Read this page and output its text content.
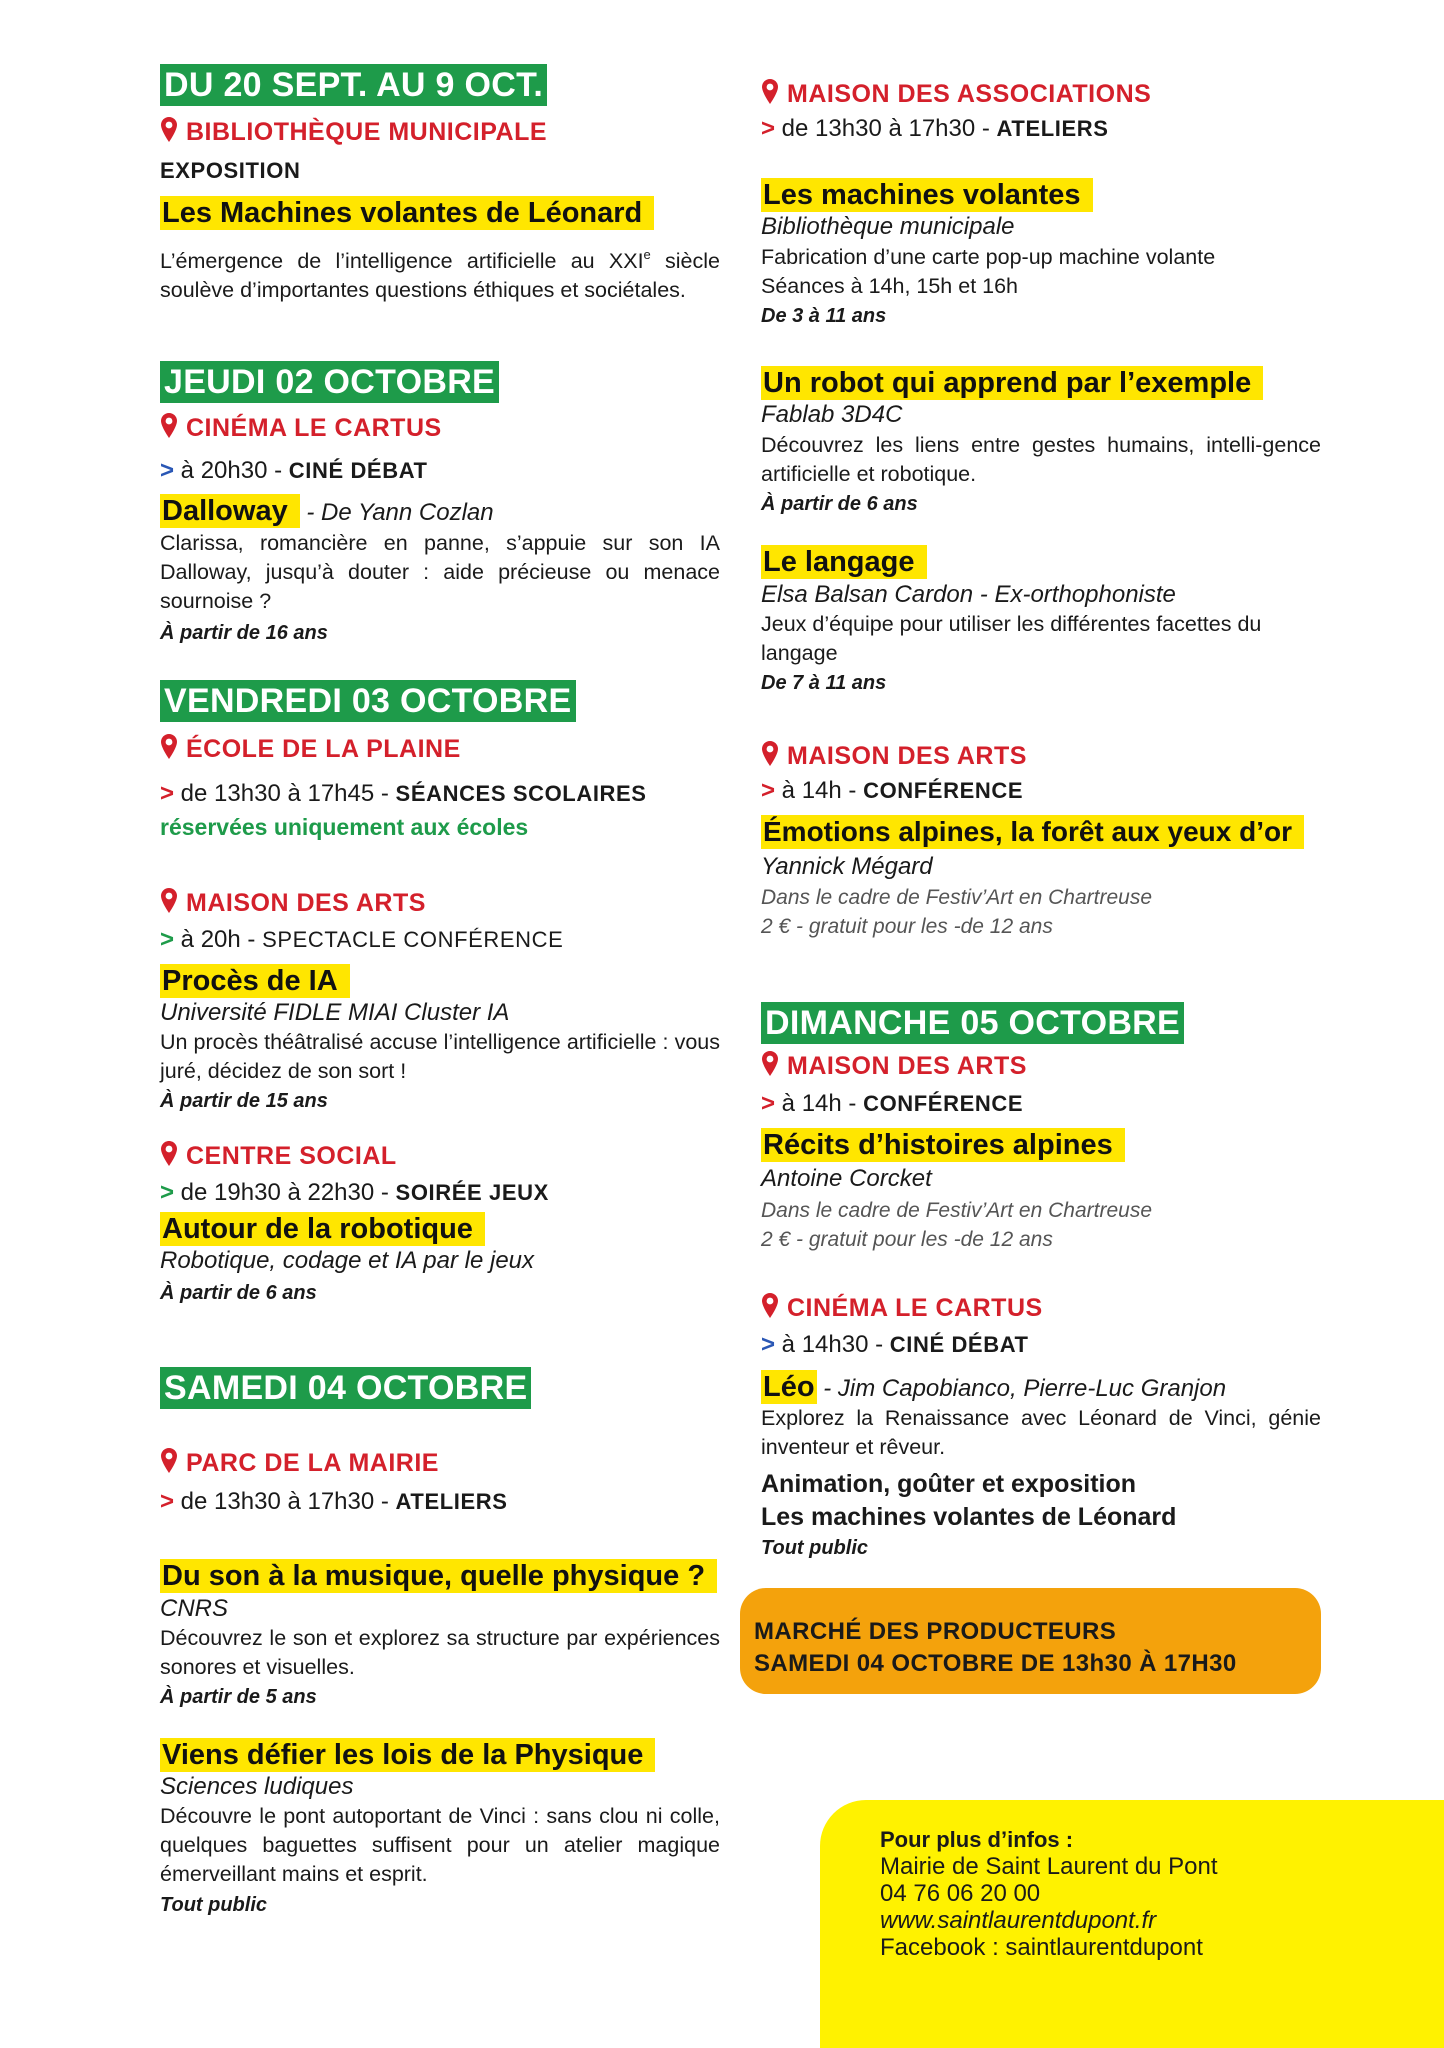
DU 20 SEPT. AU 9 OCT.
BIBLIOTHÈQUE MUNICIPALE
EXPOSITION
Les Machines volantes de Léonard
L’émergence de l’intelligence artificielle au XXIe siècle soulève d’importantes questions éthiques et sociétales.
JEUDI 02 OCTOBRE
CINÉMA LE CARTUS
> à 20h30 - CINÉ DÉBAT
Dalloway - De Yann Cozlan
Clarissa, romancière en panne, s’appuie sur son IA Dalloway, jusqu’à douter : aide précieuse ou menace sournoise ?
À partir de 16 ans
VENDREDI 03 OCTOBRE
ÉCOLE DE LA PLAINE
> de 13h30 à 17h45 - SÉANCES SCOLAIRES
réservées uniquement aux écoles
MAISON DES ARTS
> à 20h - SPECTACLE CONFÉRENCE
Procès de IA
Université FIDLE MIAI Cluster IA
Un procès théâtralisé accuse l’intelligence artificielle : vous juré, décidez de son sort !
À partir de 15 ans
CENTRE SOCIAL
> de 19h30 à 22h30 - SOIRÉE JEUX
Autour de la robotique
Robotique, codage et IA par le jeux
À partir de 6 ans
SAMEDI 04 OCTOBRE
PARC DE LA MAIRIE
> de 13h30 à 17h30 - ATELIERS
Du son à la musique, quelle physique ?
CNRS
Découvrez le son et explorez sa structure par expériences sonores et visuelles.
À partir de 5 ans
Viens défier les lois de la Physique
Sciences ludiques
Découvre le pont autoportant de Vinci : sans clou ni colle, quelques baguettes suffisent pour un atelier magique émerveillant mains et esprit.
Tout public
MAISON DES ASSOCIATIONS
> de 13h30 à 17h30 - ATELIERS
Les machines volantes
Bibliothèque municipale
Fabrication d’une carte pop-up machine volante
Séances à 14h, 15h et 16h
De 3 à 11 ans
Un robot qui apprend par l’exemple
Fablab 3D4C
Découvrez les liens entre gestes humains, intelli-gence artificielle et robotique.
À partir de 6 ans
Le langage
Elsa Balsan Cardon - Ex-orthophoniste
Jeux d’équipe pour utiliser les différentes facettes du langage
De 7 à 11 ans
MAISON DES ARTS
> à 14h - CONFÉRENCE
Émotions alpines, la forêt aux yeux d’or
Yannick Mégard
Dans le cadre de Festiv’Art en Chartreuse
2 € - gratuit pour les -de 12 ans
DIMANCHE 05 OCTOBRE
MAISON DES ARTS
> à 14h - CONFÉRENCE
Récits d’histoires alpines
Antoine Corcket
Dans le cadre de Festiv’Art en Chartreuse
2 € - gratuit pour les -de 12 ans
CINÉMA LE CARTUS
> à 14h30 - CINÉ DÉBAT
Léo - Jim Capobianco, Pierre-Luc Granjon
Explorez la Renaissance avec Léonard de Vinci, génie inventeur et rêveur.
Animation, goûter et exposition
Les machines volantes de Léonard
Tout public
MARCHÉ DES PRODUCTEURS
SAMEDI 04 OCTOBRE DE 13h30 À 17H30
Pour plus d’infos :
Mairie de Saint Laurent du Pont
04 76 06 20 00
www.saintlaurentdupont.fr
Facebook : saintlaurentdupont
